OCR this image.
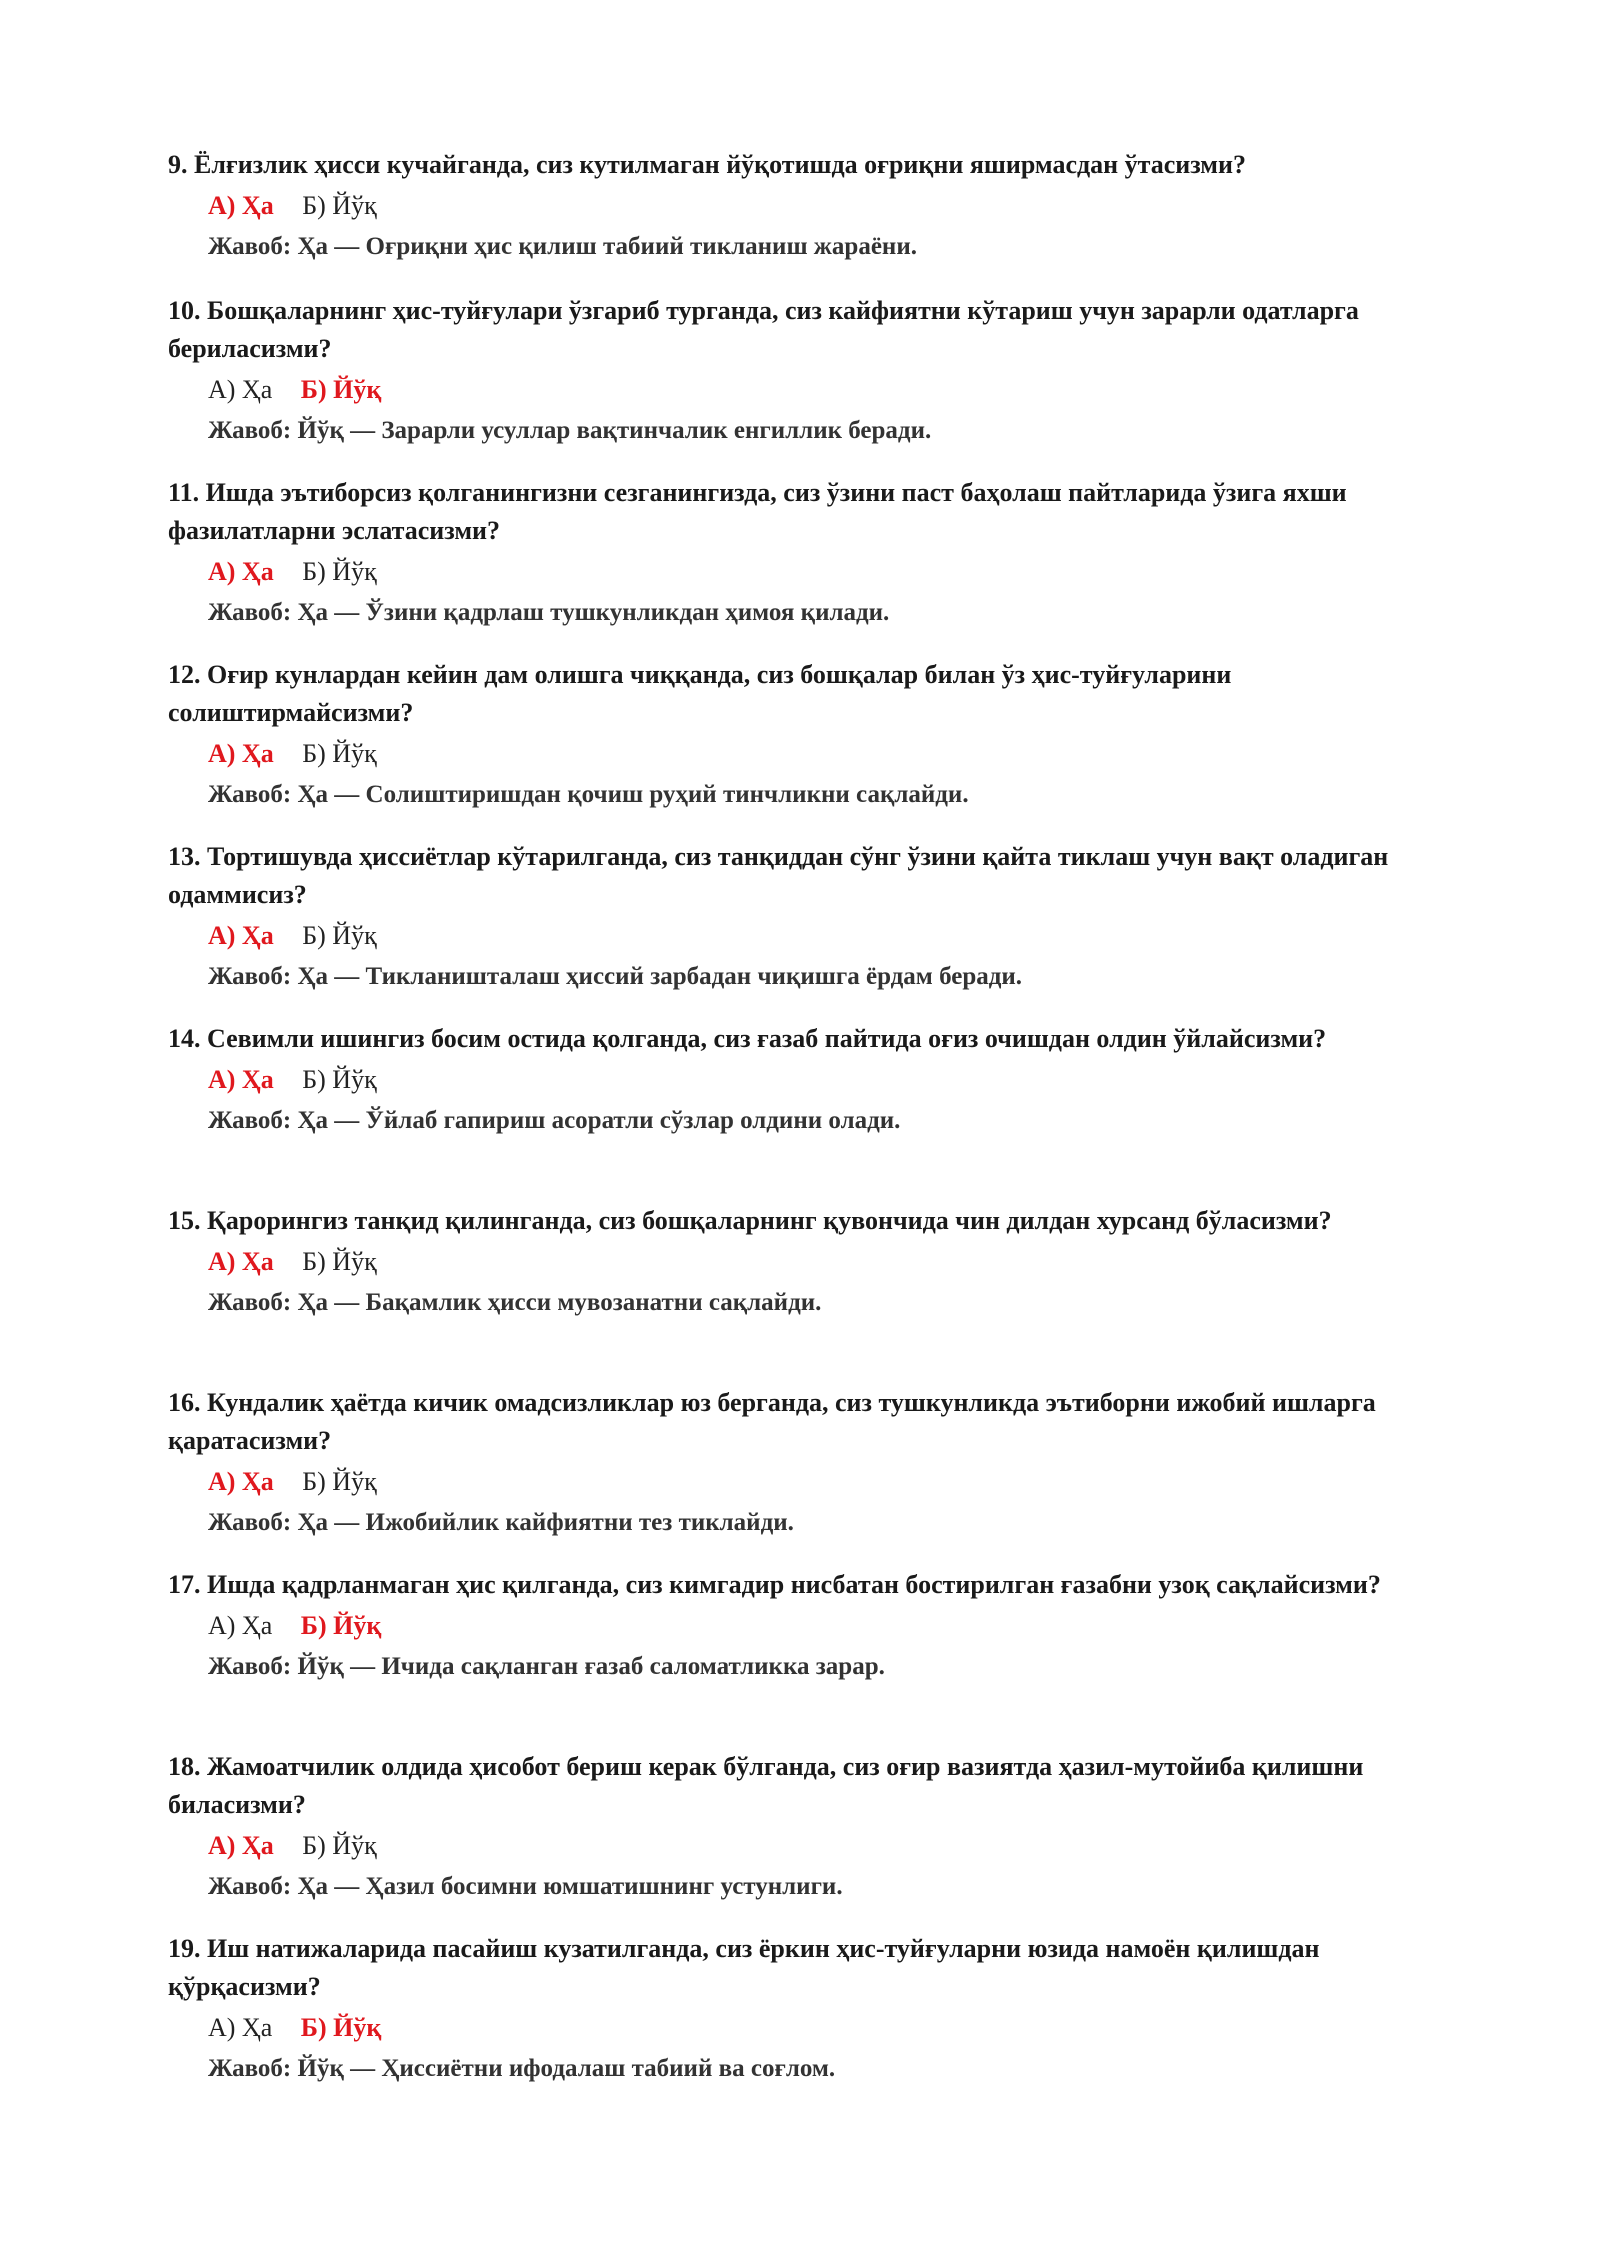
9. Ёлғизлик ҳисси кучайганда, сиз кутилмаган йўқотишда оғриқни яширмасдан ўтасизми?
А) Ҳа Б) Йўқ
Жавоб: Ҳа — Оғриқни ҳис қилиш табиий тикланиш жараёни.
10. Бошқаларнинг ҳис-туйғулари ўзгариб турганда, сиз кайфиятни кўтариш учун зарарли одатларга бериласизми?
А) Ҳа Б) Йўқ
Жавоб: Йўқ — Зарарли усуллар вақтинчалик енгиллик беради.
11. Ишда эътиборсиз қолганингизни сезганингизда, сиз ўзини паст баҳолаш пайтларида ўзига яхши фазилатларни эслатасизми?
А) Ҳа Б) Йўқ
Жавоб: Ҳа — Ўзини қадрлаш тушкунликдан ҳимоя қилади.
12. Оғир кунлардан кейин дам олишга чиққанда, сиз бошқалар билан ўз ҳис-туйғуларини солиштирмайсизми?
А) Ҳа Б) Йўқ
Жавоб: Ҳа — Солиштиришдан қочиш руҳий тинчликни сақлайди.
13. Тортишувда ҳиссиётлар кўтарилганда, сиз танқиддан сўнг ўзини қайта тиклаш учун вақт оладиган одаммисиз?
А) Ҳа Б) Йўқ
Жавоб: Ҳа — Тикланишталаш ҳиссий зарбадан чиқишга ёрдам беради.
14. Севимли ишингиз босим остида қолганда, сиз ғазаб пайтида оғиз очишдан олдин ўйлайсизми?
А) Ҳа Б) Йўқ
Жавоб: Ҳа — Ўйлаб гапириш асоратли сўзлар олдини олади.
15. Қарорингиз танқид қилинганда, сиз бошқаларнинг қувончида чин дилдан хурсанд бўласизми?
А) Ҳа Б) Йўқ
Жавоб: Ҳа — Бақамлик ҳисси мувозанатни сақлайди.
16. Кундалик ҳаётда кичик омадсизликлар юз берганда, сиз тушкунликда эътиборни ижобий ишларга қаратасизми?
А) Ҳа Б) Йўқ
Жавоб: Ҳа — Ижобийлик кайфиятни тез тиклайди.
17. Ишда қадрланмаган ҳис қилганда, сиз кимгадир нисбатан бостирилган ғазабни узоқ сақлайсизми?
А) Ҳа Б) Йўқ
Жавоб: Йўқ — Ичида сақланган ғазаб саломатликка зарар.
18. Жамоатчилик олдида ҳисобот бериш керак бўлганда, сиз оғир вазиятда ҳазил-мутойиба қилишни биласизми?
А) Ҳа Б) Йўқ
Жавоб: Ҳа — Ҳазил босимни юмшатишнинг устунлиги.
19. Иш натижаларида пасайиш кузатилганда, сиз ёркин ҳис-туйғуларни юзида намоён қилишдан қўрқасизми?
А) Ҳа Б) Йўқ
Жавоб: Йўқ — Ҳиссиётни ифодалаш табиий ва соғлом.
